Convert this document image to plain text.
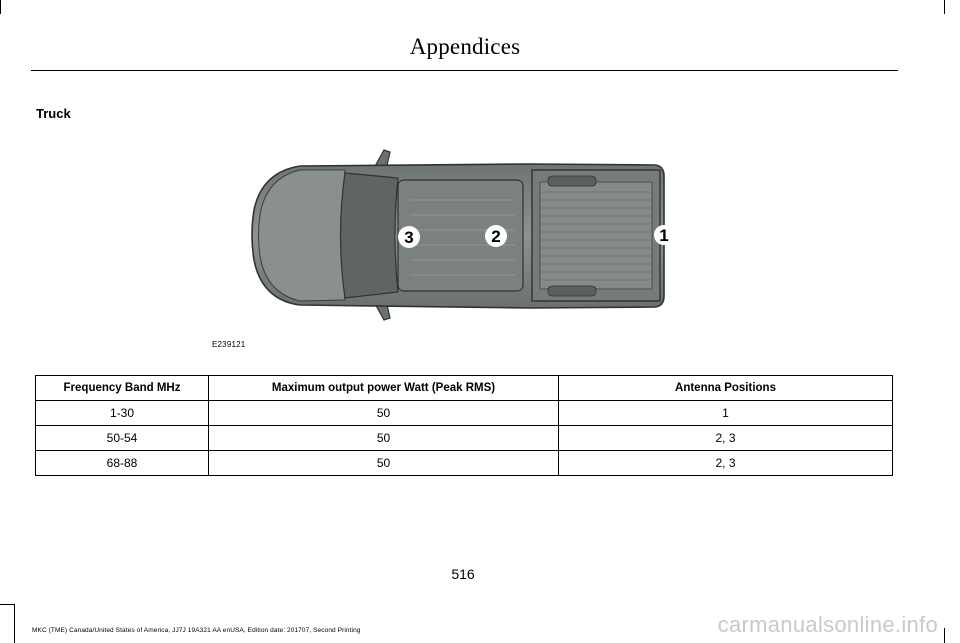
Appendices
Truck
3	2	1
E239121
Frequency Band MHz	Maximum output power Watt (Peak RMS)	Antenna Positions
1-30	50	1
50-54	50	2, 3
68-88	50	2, 3
516
MKC (TME) Canada/United States of America, JJ7J 19A321 AA enUSA, Edition date: 201707, Second Printing	carmanualsonline.info
